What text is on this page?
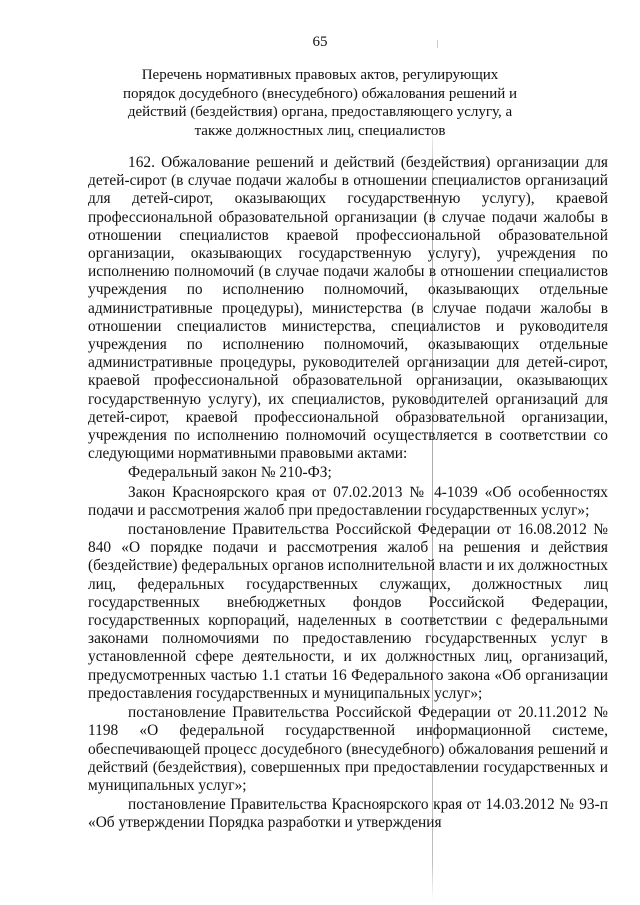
65
Перечень нормативных правовых актов, регулирующих порядок досудебного (внесудебного) обжалования решений и действий (бездействия) органа, предоставляющего услугу, а также должностных лиц, специалистов

162. Обжалование решений и действий (бездействия) организации для детей-сирот (в случае подачи жалобы в отношении специалистов организаций для детей-сирот, оказывающих государственную услугу), краевой профессиональной образовательной организации (в случае подачи жалобы в отношении специалистов краевой профессиональной образовательной организации, оказывающих государственную услугу), учреждения по исполнению полномочий (в случае подачи жалобы в отношении специалистов учреждения по исполнению полномочий, оказывающих отдельные административные процедуры), министерства (в случае подачи жалобы в отношении специалистов министерства, специалистов и руководителя учреждения по исполнению полномочий, оказывающих отдельные административные процедуры, руководителей организации для детей-сирот, краевой профессиональной образовательной организации, оказывающих государственную услугу), их специалистов, руководителей организаций для детей-сирот, краевой профессиональной образовательной организации, учреждения по исполнению полномочий осуществляется в соответствии со следующими нормативными правовыми актами:

Федеральный закон № 210-ФЗ;

Закон Красноярского края от 07.02.2013 № 4-1039 «Об особенностях подачи и рассмотрения жалоб при предоставлении государственных услуг»;

постановление Правительства Российской Федерации от 16.08.2012 № 840 «О порядке подачи и рассмотрения жалоб на решения и действия (бездействие) федеральных органов исполнительной власти и их должностных лиц, федеральных государственных служащих, должностных лиц государственных внебюджетных фондов Российской Федерации, государственных корпораций, наделенных в соответствии с федеральными законами полномочиями по предоставлению государственных услуг в установленной сфере деятельности, и их должностных лиц, организаций, предусмотренных частью 1.1 статьи 16 Федерального закона «Об организации предоставления государственных и муниципальных услуг»;

постановление Правительства Российской Федерации от 20.11.2012 № 1198 «О федеральной государственной информационной системе, обеспечивающей процесс досудебного (внесудебного) обжалования решений и действий (бездействия), совершенных при предоставлении государственных и муниципальных услуг»;

постановление Правительства Красноярского края от 14.03.2012 № 93-п «Об утверждении Порядка разработки и утверждения
